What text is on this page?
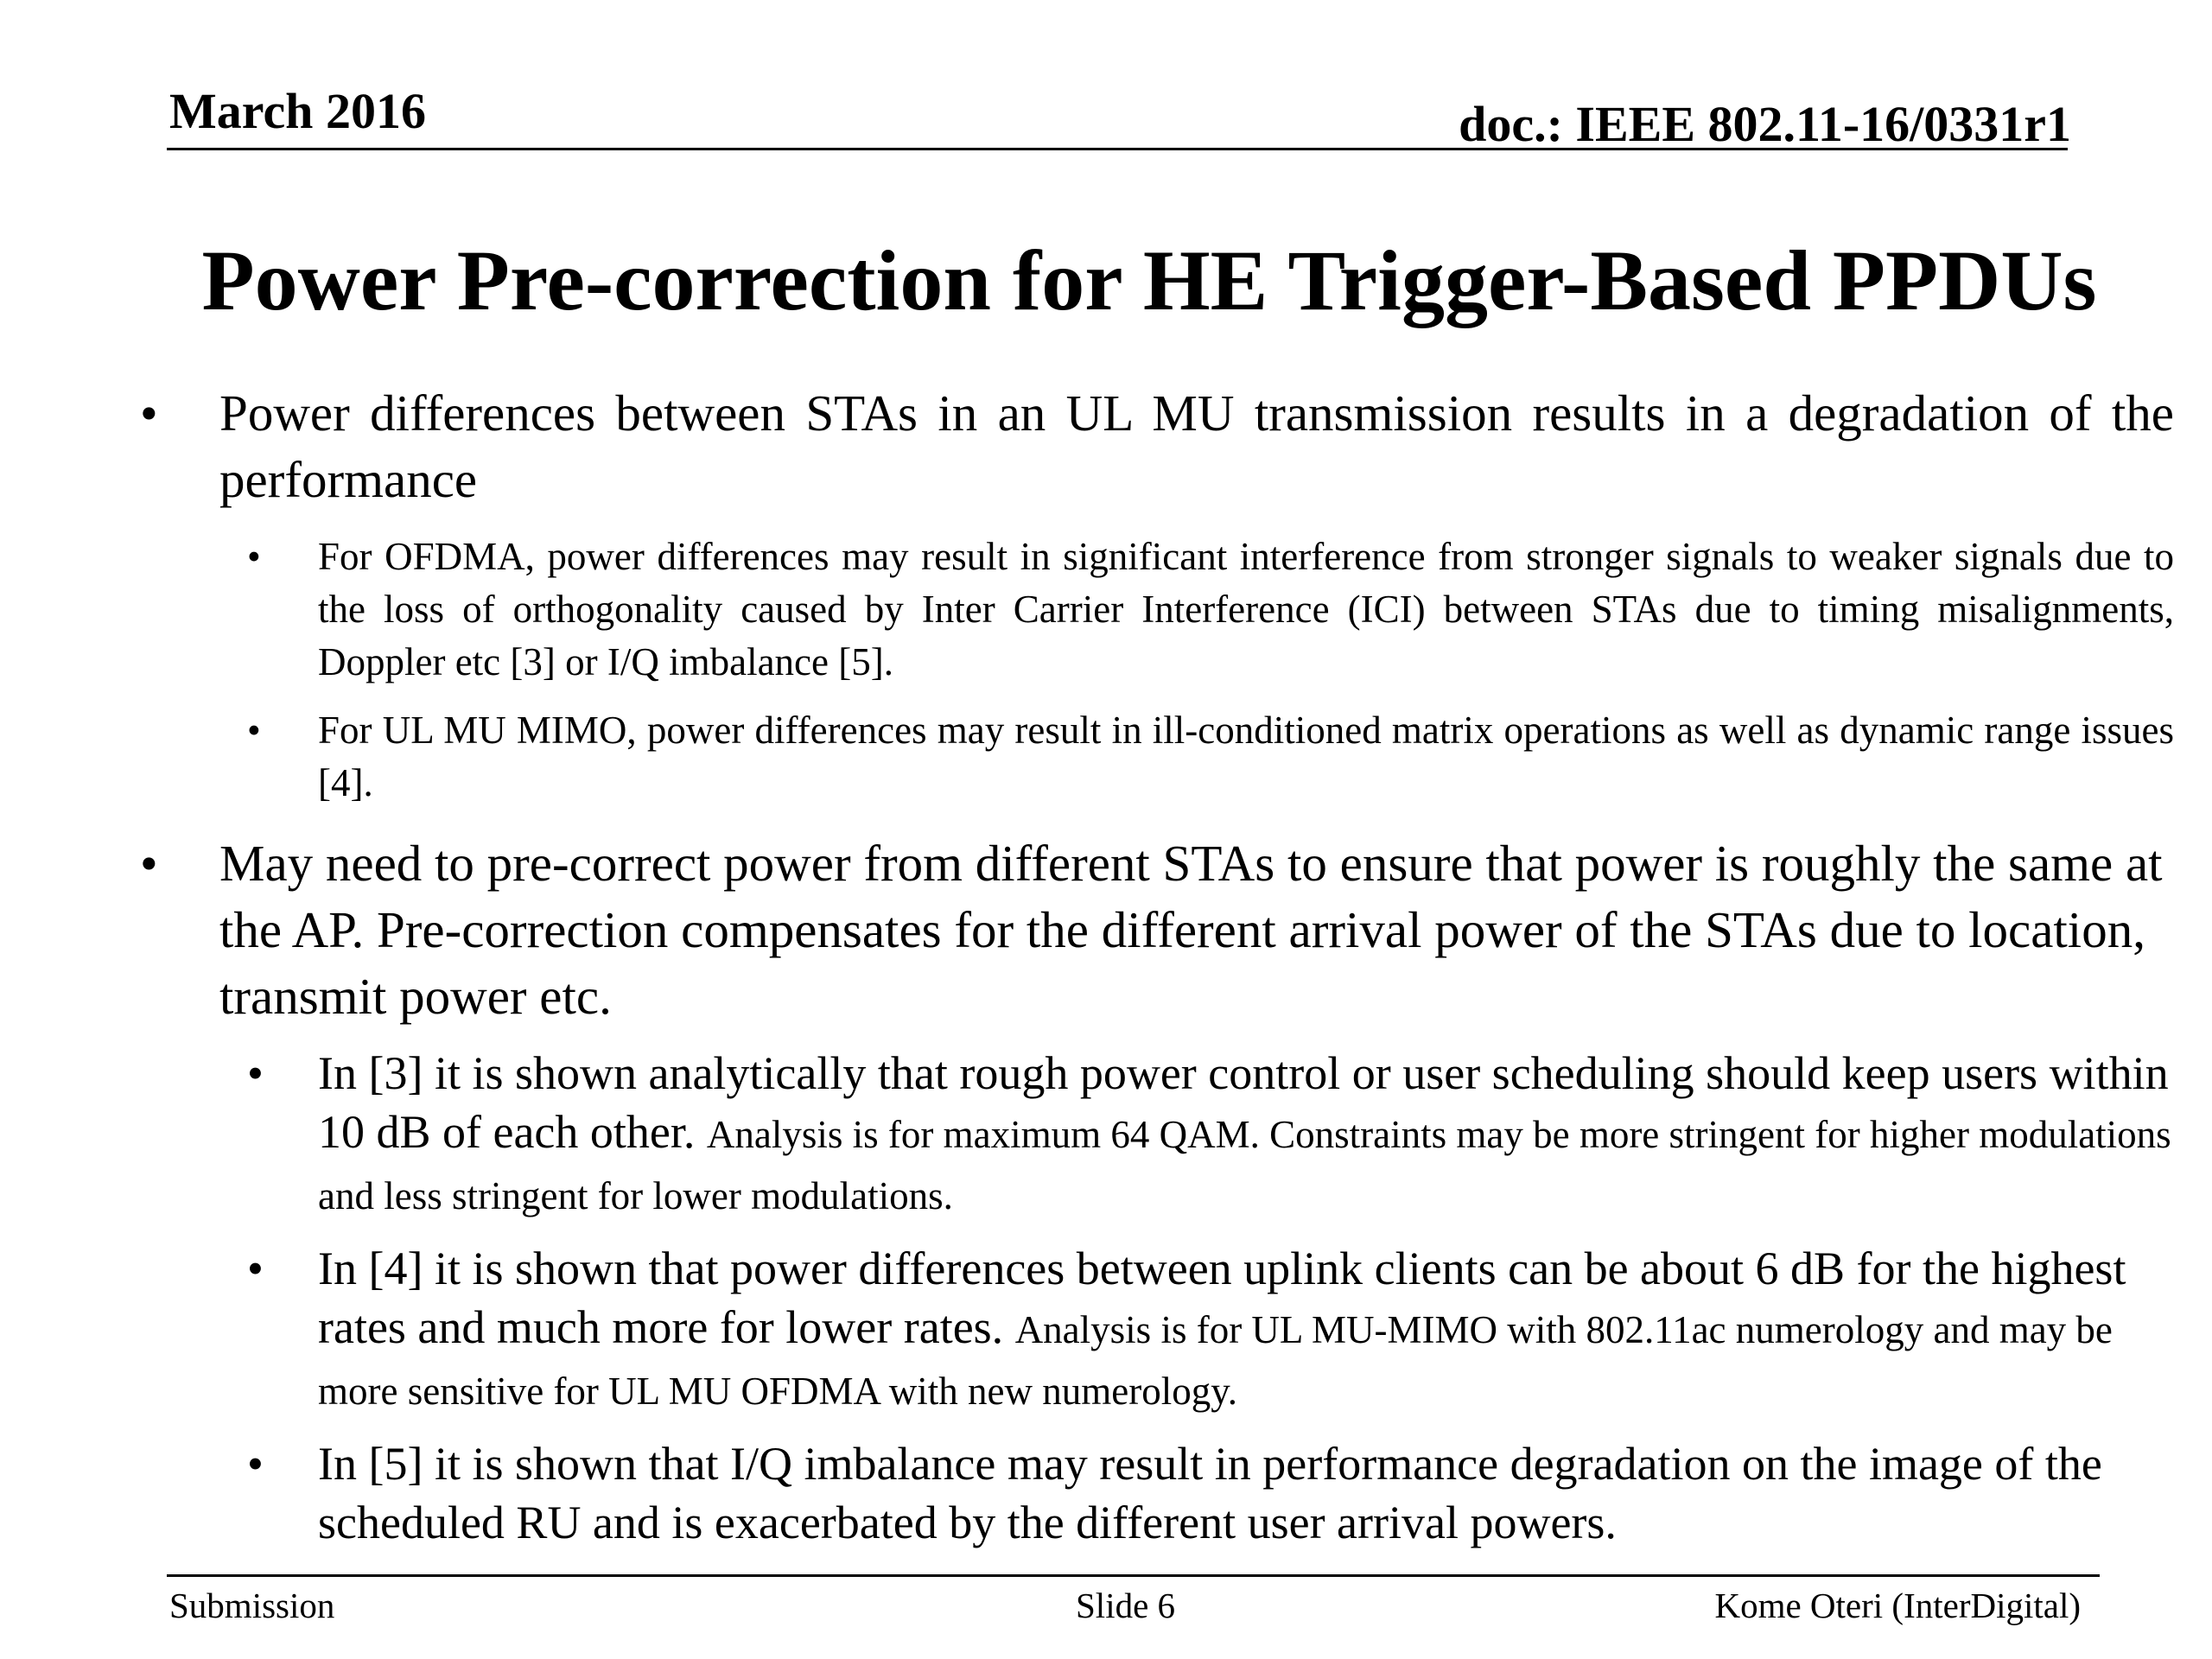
March 2016	doc.: IEEE 802.11-16/0331r1
Power Pre-correction for HE Trigger-Based PPDUs
• Power differences between STAs in an UL MU transmission results in a degradation of the performance
• For OFDMA, power differences may result in significant interference from stronger signals to weaker signals due to the loss of orthogonality caused by Inter Carrier Interference (ICI) between STAs due to timing misalignments, Doppler etc [3] or I/Q imbalance [5].
• For UL MU MIMO, power differences may result in ill-conditioned matrix operations as well as dynamic range issues [4].
• May need to pre-correct power from different STAs to ensure that power is roughly the same at the AP. Pre-correction compensates for the different arrival power of the STAs due to location, transmit power etc.
• In [3] it is shown analytically that rough power control or user scheduling should keep users within 10 dB of each other. Analysis is for maximum 64 QAM. Constraints may be more stringent for higher modulations and less stringent for lower modulations.
• In [4] it is shown that power differences between uplink clients can be about 6 dB for the highest rates and much more for lower rates. Analysis is for UL MU-MIMO with 802.11ac numerology and may be more sensitive for UL MU OFDMA with new numerology.
• In [5] it is shown that I/Q imbalance may result in performance degradation on the image of the scheduled RU and is exacerbated by the different user arrival powers.
Submission	Slide 6	Kome Oteri (InterDigital)
